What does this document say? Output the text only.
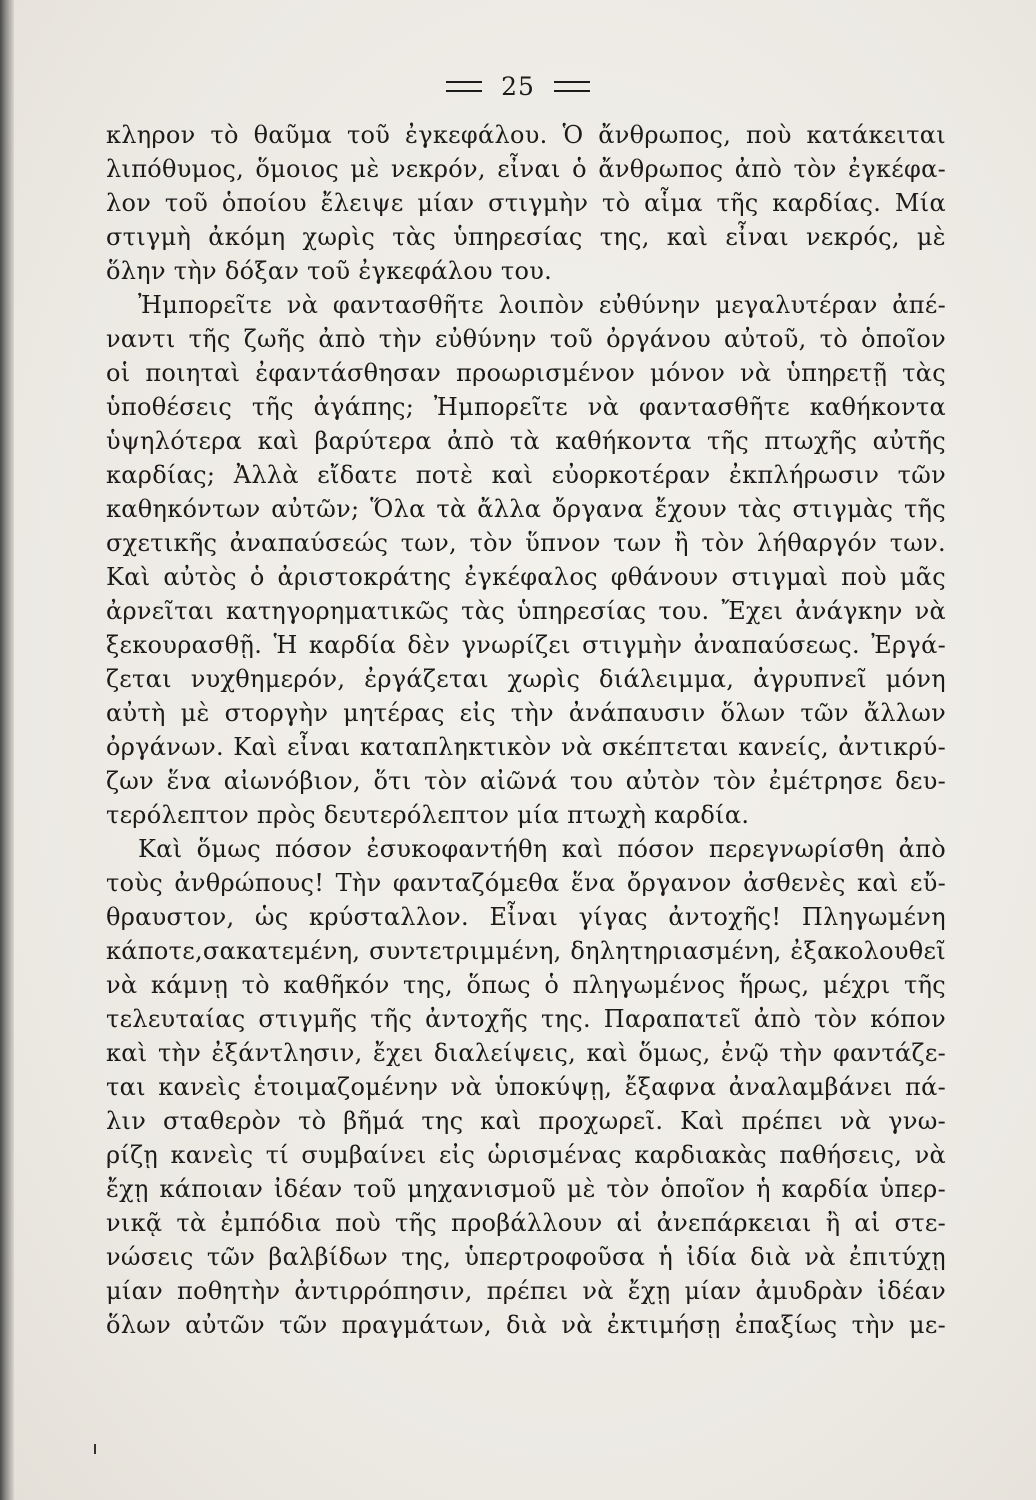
25
κληρον τὸ θαῦμα τοῦ ἐγκεφάλου. Ὁ ἄνθρωπος, ποὺ κατάκειται
λιπόθυμος, ὅμοιος μὲ νεκρόν, εἶναι ὁ ἄνθρωπος ἀπὸ τὸν ἐγκέφα-
λον τοῦ ὁποίου ἔλειψε μίαν στιγμὴν τὸ αἷμα τῆς καρδίας. Μία
στιγμὴ ἀκόμη χωρὶς τὰς ὑπηρεσίας της, καὶ εἶναι νεκρός, μὲ
ὅλην τὴν δόξαν τοῦ ἐγκεφάλου του.
Ἠμπορεῖτε νὰ φαντασθῆτε λοιπὸν εὐθύνην μεγαλυτέραν ἀπέ-
ναντι τῆς ζωῆς ἀπὸ τὴν εὐθύνην τοῦ ὀργάνου αὐτοῦ, τὸ ὁποῖον
οἱ ποιηταὶ ἐφαντάσθησαν προωρισμένον μόνον νὰ ὑπηρετῇ τὰς
ὑποθέσεις τῆς ἀγάπης; Ἠμπορεῖτε νὰ φαντασθῆτε καθήκοντα
ὑψηλότερα καὶ βαρύτερα ἀπὸ τὰ καθήκοντα τῆς πτωχῆς αὐτῆς
καρδίας; Ἀλλὰ εἴδατε ποτὲ καὶ εὐορκοτέραν ἐκπλήρωσιν τῶν
καθηκόντων αὐτῶν; Ὅλα τὰ ἄλλα ὄργανα ἔχουν τὰς στιγμὰς τῆς
σχετικῆς ἀναπαύσεώς των, τὸν ὕπνον των ἢ τὸν λήθαργόν των.
Καὶ αὐτὸς ὁ ἀριστοκράτης ἐγκέφαλος φθάνουν στιγμαὶ ποὺ μᾶς
ἀρνεῖται κατηγορηματικῶς τὰς ὑπηρεσίας του. Ἔχει ἀνάγκην νὰ
ξεκουρασθῇ. Ἡ καρδία δὲν γνωρίζει στιγμὴν ἀναπαύσεως. Ἐργά-
ζεται νυχθημερόν, ἐργάζεται χωρὶς διάλειμμα, ἀγρυπνεῖ μόνη
αὐτὴ μὲ στοργὴν μητέρας εἰς τὴν ἀνάπαυσιν ὅλων τῶν ἄλλων
ὀργάνων. Καὶ εἶναι καταπληκτικὸν νὰ σκέπτεται κανείς, ἀντικρύ-
ζων ἕνα αἰωνόβιον, ὅτι τὸν αἰῶνά του αὐτὸν τὸν ἐμέτρησε δευ-
τερόλεπτον πρὸς δευτερόλεπτον μία πτωχὴ καρδία.
Καὶ ὅμως πόσον ἐσυκοφαντήθη καὶ πόσον περεγνωρίσθη ἀπὸ
τοὺς ἀνθρώπους! Τὴν φανταζόμεθα ἕνα ὄργανον ἀσθενὲς καὶ εὔ-
θραυστον, ὡς κρύσταλλον. Εἶναι γίγας ἀντοχῆς! Πληγωμένη
κάποτε,σακατεμένη, συντετριμμένη, δηλητηριασμένη, ἐξακολουθεῖ
νὰ κάμνῃ τὸ καθῆκόν της, ὅπως ὁ πληγωμένος ἥρως, μέχρι τῆς
τελευταίας στιγμῆς τῆς ἀντοχῆς της. Παραπατεῖ ἀπὸ τὸν κόπον
καὶ τὴν ἐξάντλησιν, ἔχει διαλείψεις, καὶ ὅμως, ἐνῷ τὴν φαντάζε-
ται κανεὶς ἑτοιμαζομένην νὰ ὑποκύψῃ, ἔξαφνα ἀναλαμβάνει πά-
λιν σταθερὸν τὸ βῆμά της καὶ προχωρεῖ. Καὶ πρέπει νὰ γνω-
ρίζῃ κανεὶς τί συμβαίνει εἰς ὡρισμένας καρδιακὰς παθήσεις, νὰ
ἔχῃ κάποιαν ἰδέαν τοῦ μηχανισμοῦ μὲ τὸν ὁποῖον ἡ καρδία ὑπερ-
νικᾷ τὰ ἐμπόδια ποὺ τῆς προβάλλουν αἱ ἀνεπάρκειαι ἢ αἱ στε-
νώσεις τῶν βαλβίδων της, ὑπερτροφοῦσα ἡ ἰδία διὰ νὰ ἐπιτύχῃ
μίαν ποθητὴν ἀντιρρόπησιν, πρέπει νὰ ἔχῃ μίαν ἀμυδρὰν ἰδέαν
ὅλων αὐτῶν τῶν πραγμάτων, διὰ νὰ ἐκτιμήσῃ ἐπαξίως τὴν με-
